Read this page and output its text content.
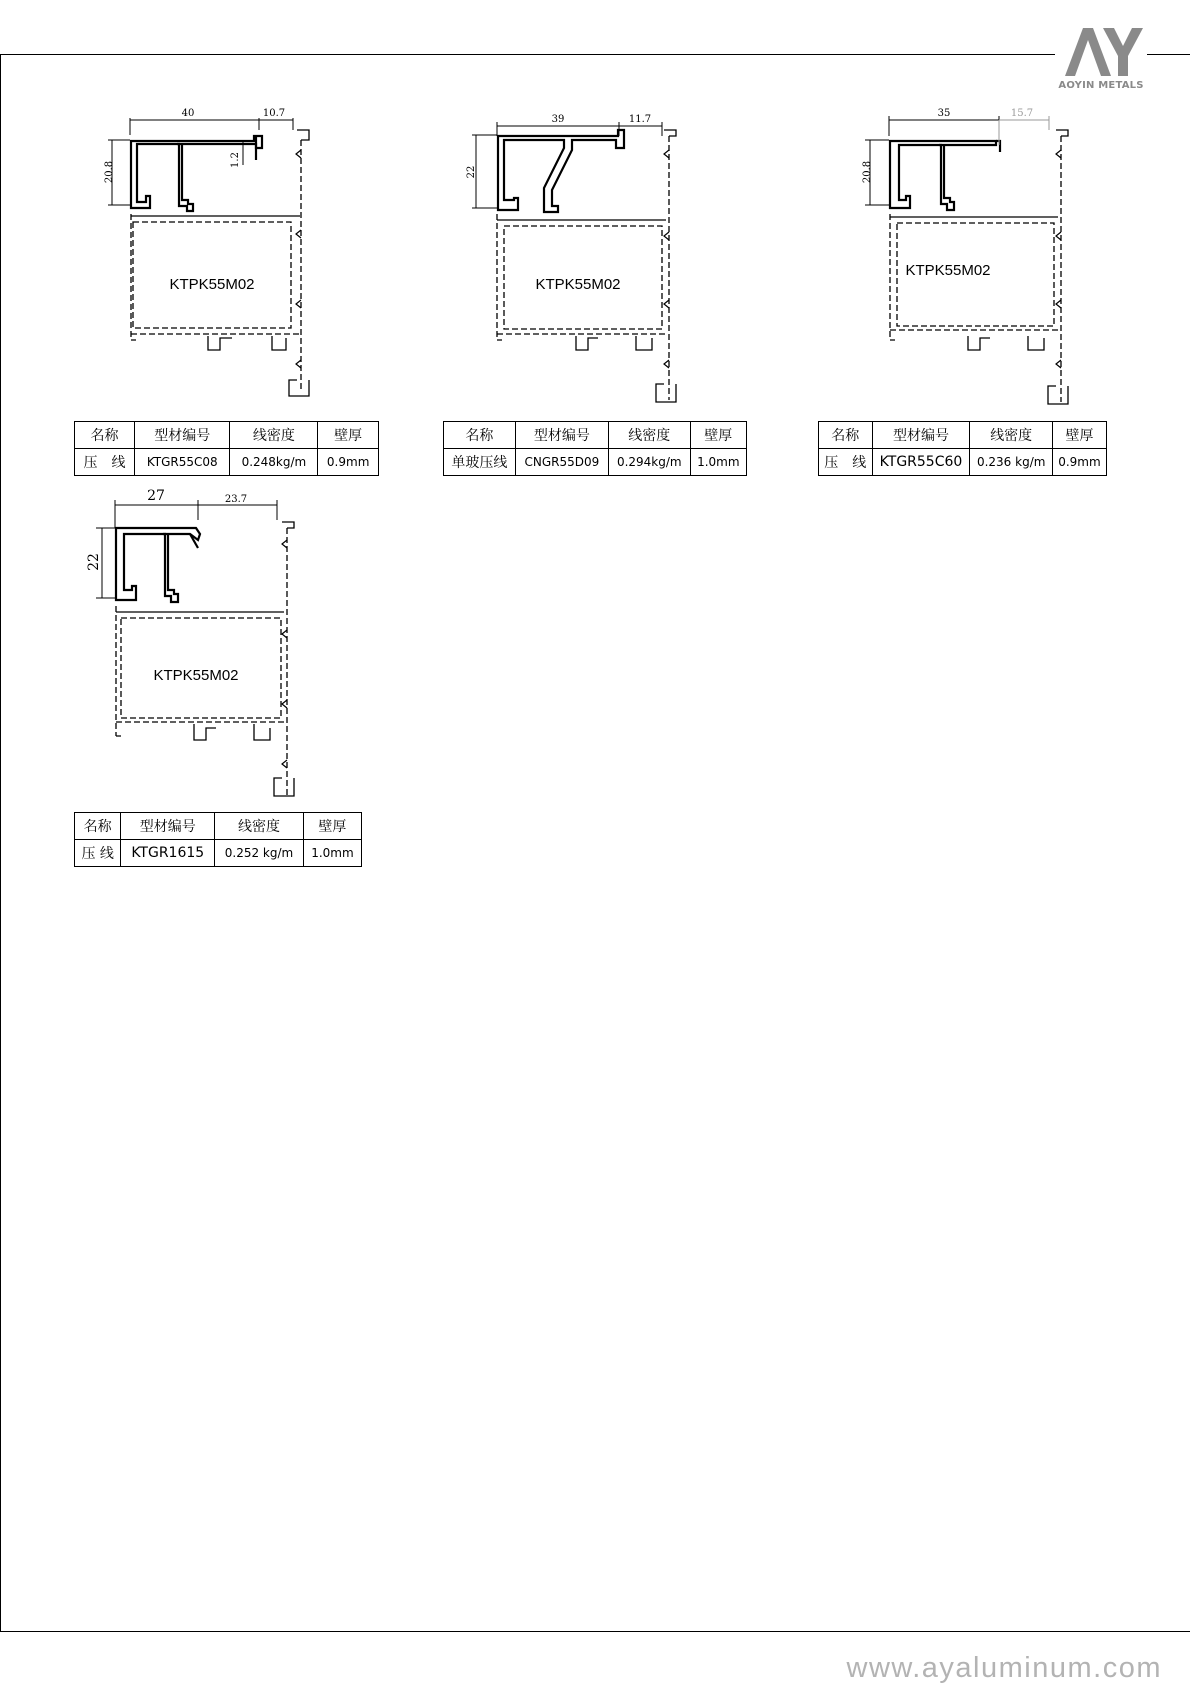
AOYIN METALS
40	10.7
20.8
1.2
KTPK55M02
名称	型材编号	线密度	壁厚
压　线	KTGR55C08	0.248kg/m	0.9mm
39	11.7
22
KTPK55M02
名称	型材编号	线密度	壁厚
单玻压线	CNGR55D09	0.294kg/m	1.0mm
35	15.7
20.8
KTPK55M02
名称	型材编号	线密度	壁厚
压　线	KTGR55C60	0.236 kg/m	0.9mm
27	23.7
22
KTPK55M02
名称	型材编号	线密度	壁厚
压 线	KTGR1615	0.252 kg/m	1.0mm
www.ayaluminum.com
